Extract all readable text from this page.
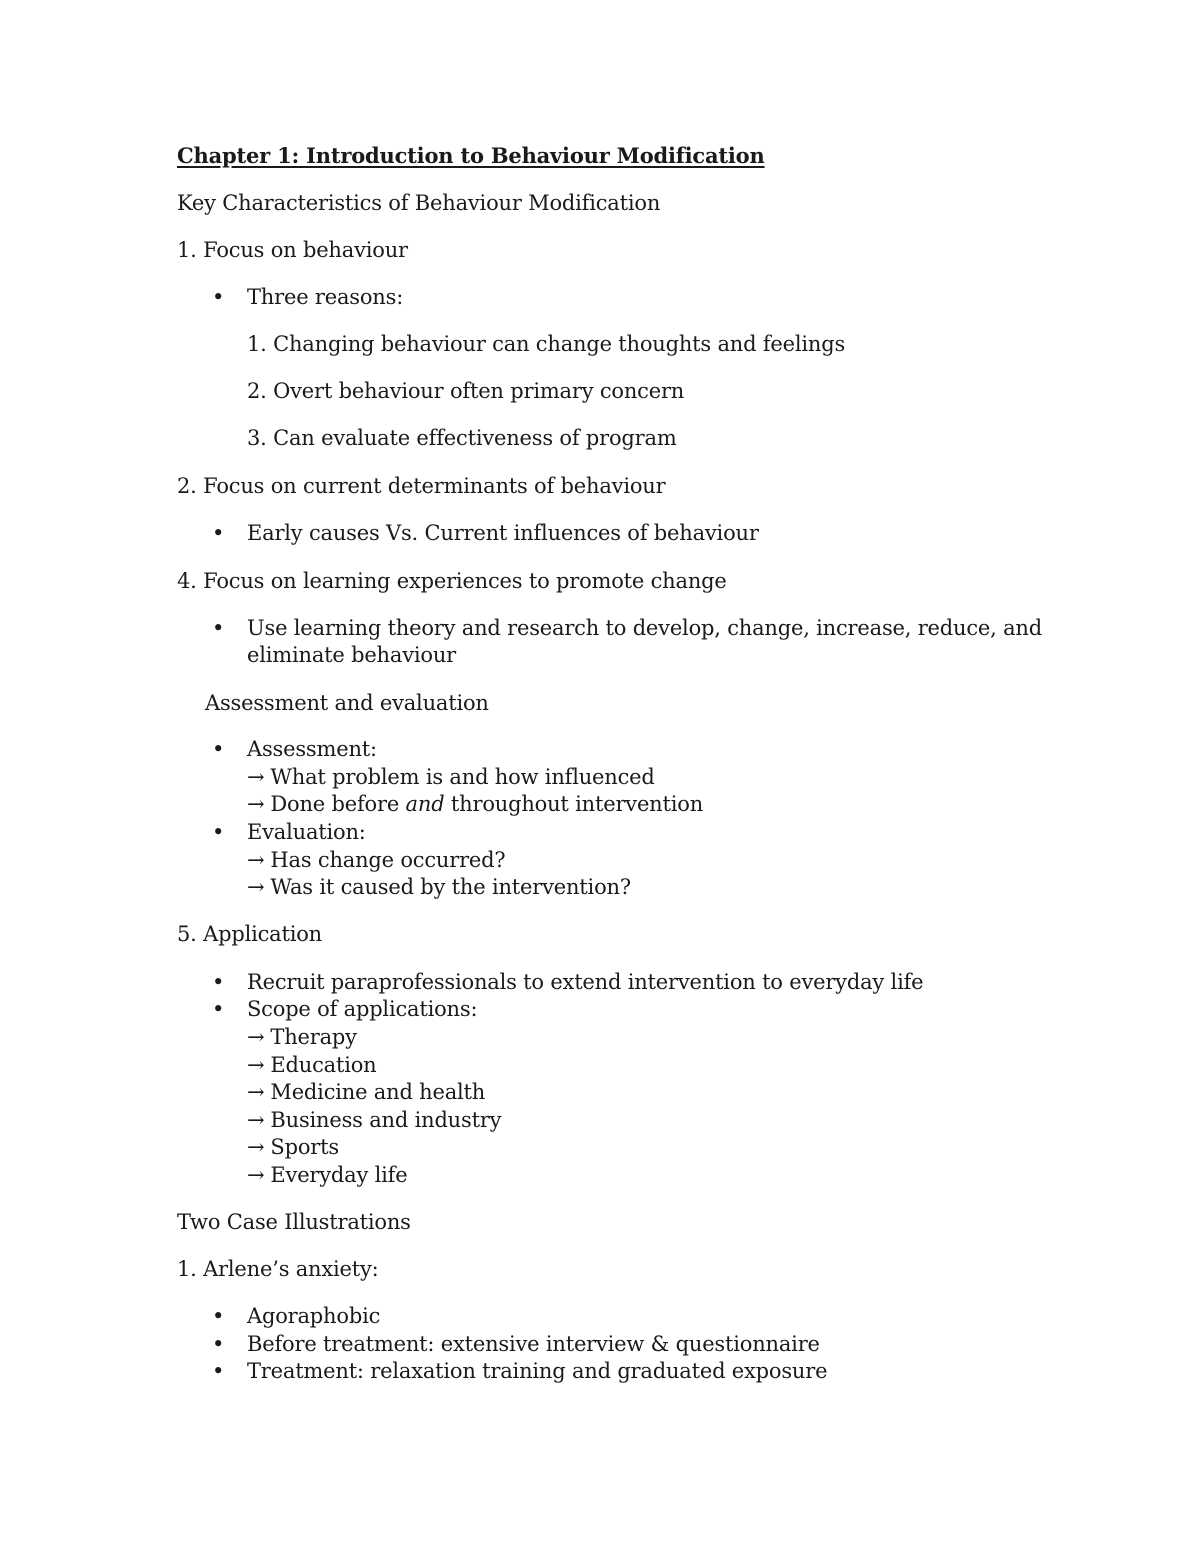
Chapter 1: Introduction to Behaviour Modification
Key Characteristics of Behaviour Modification
1. Focus on behaviour
• Three reasons:
1. Changing behaviour can change thoughts and feelings
2. Overt behaviour often primary concern
3. Can evaluate effectiveness of program
2. Focus on current determinants of behaviour
• Early causes Vs. Current influences of behaviour
4. Focus on learning experiences to promote change
• Use learning theory and research to develop, change, increase, reduce, and
eliminate behaviour
Assessment and evaluation
• Assessment:
→ What problem is and how influenced
→ Done before and throughout intervention
• Evaluation:
→ Has change occurred?
→ Was it caused by the intervention?
5. Application
• Recruit paraprofessionals to extend intervention to everyday life
• Scope of applications:
→ Therapy
→ Education
→ Medicine and health
→ Business and industry
→ Sports
→ Everyday life
Two Case Illustrations
1. Arlene’s anxiety:
• Agoraphobic
• Before treatment: extensive interview & questionnaire
• Treatment: relaxation training and graduated exposure
